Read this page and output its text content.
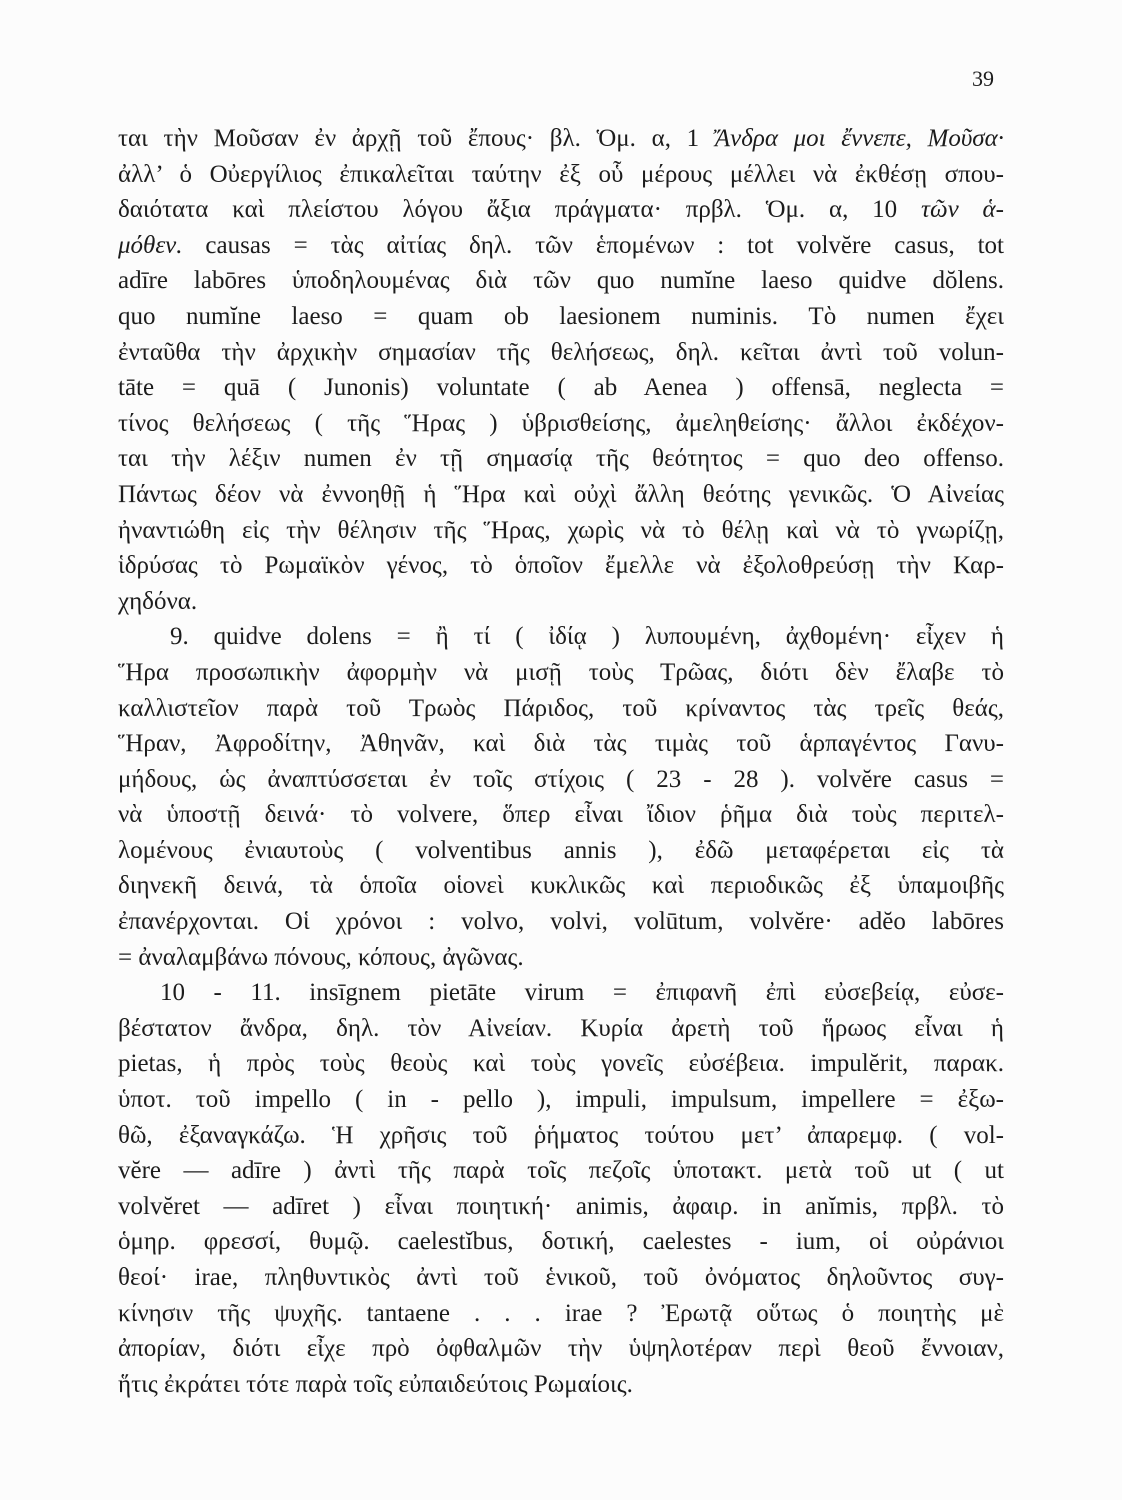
39
ται τὴν Μοῦσαν ἐν ἀρχῇ τοῦ ἔπους· βλ. Ὁμ. α, 1 Ἄνδρα μοι ἔννεπε, Μοῦσα·
ἀλλ’ ὁ Οὐεργίλιος ἐπικαλεῖται ταύτην ἐξ οὗ μέρους μέλλει νὰ ἐκθέσῃ σπου-
δαιότατα καὶ πλείστου λόγου ἄξια πράγματα· πρβλ. Ὁμ. α, 10 τῶν ἁ-
μόθεν. causas = τὰς αἰτίας δηλ. τῶν ἑπομένων : tot volvĕre casus, tot
adīre labōres ὑποδηλουμένας διὰ τῶν quo numĭne laeso quidve dŏlens.
quo numĭne laeso = quam ob laesionem numinis. Τὸ numen ἔχει
ἐνταῦθα τὴν ἀρχικὴν σημασίαν τῆς θελήσεως, δηλ. κεῖται ἀντὶ τοῦ volun-
tāte = quā ( Junonis) voluntate ( ab Aenea ) offensā, neglecta =
τίνος θελήσεως ( τῆς Ἥρας ) ὑβρισθείσης, ἀμεληθείσης· ἄλλοι ἐκδέχον-
ται τὴν λέξιν numen ἐν τῇ σημασίᾳ τῆς θεότητος = quo deo offenso.
Πάντως δέον νὰ ἐννοηθῇ ἡ Ἥρα καὶ οὐχὶ ἄλλη θεότης γενικῶς. Ὁ Αἰνείας
ἠναντιώθη εἰς τὴν θέλησιν τῆς Ἥρας, χωρὶς νὰ τὸ θέλῃ καὶ νὰ τὸ γνωρίζῃ,
ἱδρύσας τὸ Ρωμαϊκὸν γένος, τὸ ὁποῖον ἔμελλε νὰ ἐξολοθρεύσῃ τὴν Καρ-
χηδόνα.
9. quidve dolens = ἢ τί ( ἰδίᾳ ) λυπουμένη, ἀχθομένη· εἶχεν ἡ
Ἥρα προσωπικὴν ἀφορμὴν νὰ μισῇ τοὺς Τρῶας, διότι δὲν ἔλαβε τὸ
καλλιστεῖον παρὰ τοῦ Τρωὸς Πάριδος, τοῦ κρίναντος τὰς τρεῖς θεάς,
Ἥραν, Ἀφροδίτην, Ἀθηνᾶν, καὶ διὰ τὰς τιμὰς τοῦ ἁρπαγέντος Γανυ-
μήδους, ὡς ἀναπτύσσεται ἐν τοῖς στίχοις ( 23 - 28 ). volvĕre casus =
νὰ ὑποστῇ δεινά· τὸ volvere, ὅπερ εἶναι ἴδιον ῥῆμα διὰ τοὺς περιτελ-
λομένους ἐνιαυτοὺς ( volventibus annis ), ἐδῶ μεταφέρεται εἰς τὰ
διηνεκῆ δεινά, τὰ ὁποῖα οἱονεὶ κυκλικῶς καὶ περιοδικῶς ἐξ ὑπαμοιβῆς
ἐπανέρχονται. Οἱ χρόνοι : volvo, volvi, volūtum, volvĕre· adĕo labōres
= ἀναλαμβάνω πόνους, κόπους, ἀγῶνας.
10 - 11. insīgnem pietāte virum = ἐπιφανῆ ἐπὶ εὐσεβείᾳ, εὐσε-
βέστατον ἄνδρα, δηλ. τὸν Αἰνείαν. Κυρία ἀρετὴ τοῦ ἥρωος εἶναι ἡ
pietas, ἡ πρὸς τοὺς θεοὺς καὶ τοὺς γονεῖς εὐσέβεια. impulĕrit, παρακ.
ὑποτ. τοῦ impello ( in - pello ), impuli, impulsum, impellere = ἐξω-
θῶ, ἐξαναγκάζω. Ἡ χρῆσις τοῦ ῥήματος τούτου μετ’ ἀπαρεμφ. ( vol-
vĕre — adīre ) ἀντὶ τῆς παρὰ τοῖς πεζοῖς ὑποτακτ. μετὰ τοῦ ut ( ut
volvĕret — adīret ) εἶναι ποιητική· animis, ἀφαιρ. in anĭmis, πρβλ. τὸ
ὁμηρ. φρεσσί, θυμῷ. caelestĭbus, δοτική, caelestes - ium, οἱ οὐράνιοι
θεοί· irae, πληθυντικὸς ἀντὶ τοῦ ἑνικοῦ, τοῦ ὀνόματος δηλοῦντος συγ-
κίνησιν τῆς ψυχῆς. tantaene . . . irae ? Ἐρωτᾷ οὕτως ὁ ποιητὴς μὲ
ἀπορίαν, διότι εἶχε πρὸ ὀφθαλμῶν τὴν ὑψηλοτέραν περὶ θεοῦ ἔννοιαν,
ἥτις ἐκράτει τότε παρὰ τοῖς εὐπαιδεύτοις Ρωμαίοις.
